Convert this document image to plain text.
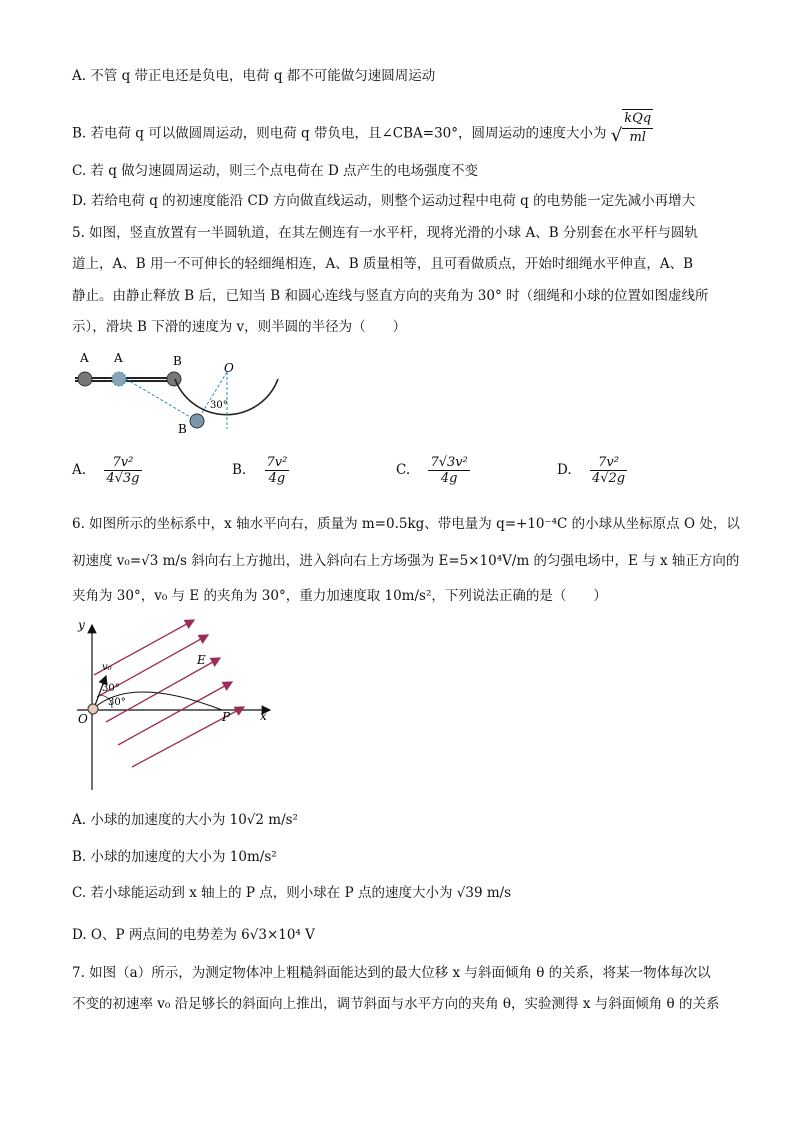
A. 不管 q 带正电还是负电，电荷 q 都不可能做匀速圆周运动
B. 若电荷 q 可以做圆周运动，则电荷 q 带负电，且∠CBA=30°，圆周运动的速度大小为 √ $\frac{\text{kQq}}{ml}$
C. 若 q 做匀速圆周运动，则三个点电荷在 D 点产生的电场强度不变
D. 若给电荷 q 的初速度能沿 CD 方向做直线运动，则整个运动过程中电荷 q 的电势能一定先减小再增大
5. 如图，竖直放置有一半圆轨道，在其左侧连有一水平杆，现将光滑的小球 A、B 分别套在水平杆与圆轨
道上，A、B 用一不可伸长的轻细绳相连，A、B 质量相等，且可看做质点，开始时细绳水平伸直，A、B
静止。由静止释放 B 后，已知当 B 和圆心连线与竖直方向的夹角为 30° 时（细绳和小球的位置如图虚线所
示），滑块 B 下滑的速度为 v，则半圆的半径为（　　）
A A	B
B
O
30°
A. $\frac{\text{7v²}}{4√3g}$	B. $\frac{\text{7v²}}{4g}$	C. $\frac{\text{7√3v²}}{4g}$	D. $\frac{\text{7v²}}{4√2g}$
6. 如图所示的坐标系中，x 轴水平向右，质量为 m=0.5kg、带电量为 q=+10⁻⁴C 的小球从坐标原点 O 处，以
初速度 v₀=√3 m/s 斜向右上方抛出，进入斜向右上方场强为 E=5×10⁴V/m 的匀强电场中，E 与 x 轴正方向的
夹角为 30°，v₀ 与 E 的夹角为 30°，重力加速度取 10m/s²，下列说法正确的是（　　）
y
x
O	P
E
v₀
30°
30°
A. 小球的加速度的大小为 10√2 m/s²
B. 小球的加速度的大小为 10m/s²
C. 若小球能运动到 x 轴上的 P 点，则小球在 P 点的速度大小为 √39 m/s
D. O、P 两点间的电势差为 6√3×10⁴ V
7. 如图（a）所示，为测定物体冲上粗糙斜面能达到的最大位移 x 与斜面倾角 θ 的关系，将某一物体每次以
不变的初速率 v₀ 沿足够长的斜面向上推出，调节斜面与水平方向的夹角 θ，实验测得 x 与斜面倾角 θ 的关系
